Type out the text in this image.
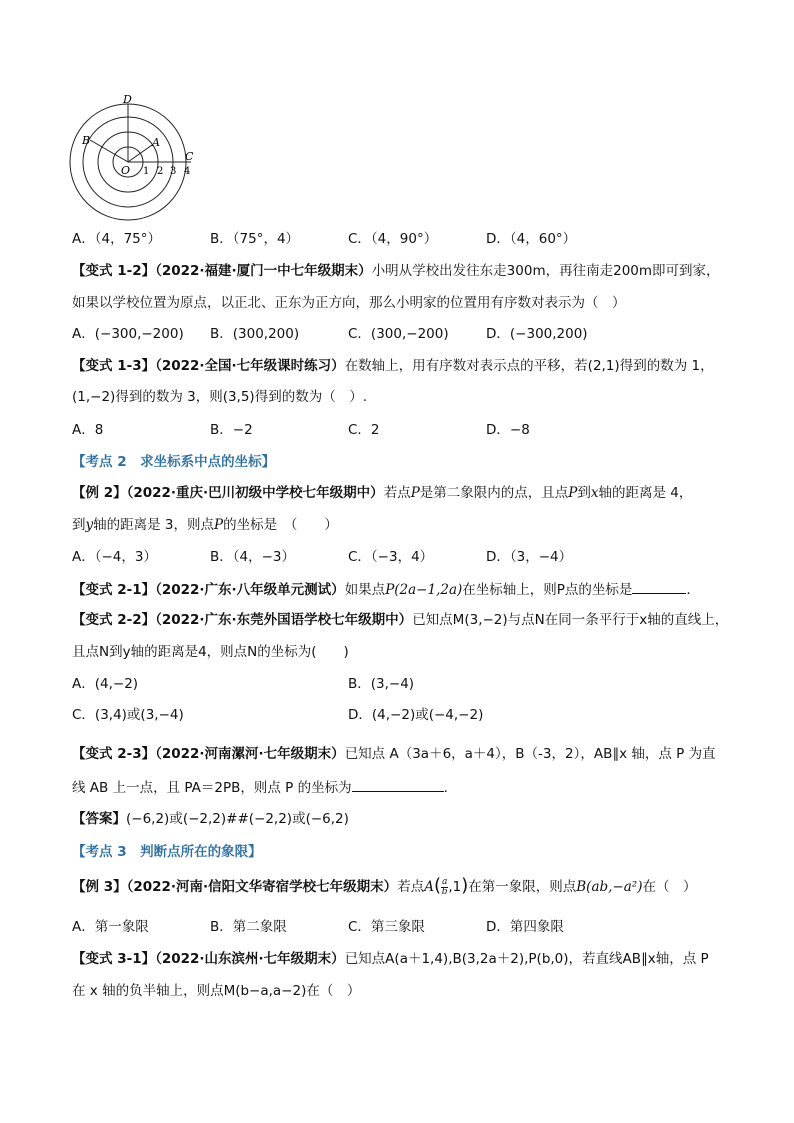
D
B	A
C
O 1 2 3 4
A．（4，75°）	B．（75°，4）	C．（4，90°）	D．（4，60°）
【变式 1-2】（2022·福建·厦门一中七年级期末）小明从学校出发往东走300m，再往南走200m即可到家，
如果以学校位置为原点，以正北、正东为正方向，那么小明家的位置用有序数对表示为（　）
A．(−300,−200) B．(300,200)	C．(300,−200)	D．(−300,200)
【变式 1-3】（2022·全国·七年级课时练习）在数轴上，用有序数对表示点的平移，若(2,1)得到的数为 1，
(1,−2)得到的数为 3，则(3,5)得到的数为（　）.
A．8	B．−2	C．2	D．−8
【考点 2　求坐标系中点的坐标】
【例 2】（2022·重庆·巴川初级中学校七年级期中）若点P是第二象限内的点，且点P到x轴的距离是 4，
到y轴的距离是 3，则点P的坐标是　（　　）
A．（−4，3）	B．（4，−3）	C．（−3，4）	D．（3，−4）
【变式 2-1】（2022·广东·八年级单元测试）如果点P(2a−1,2a)在坐标轴上，则P点的坐标是	.
【变式 2-2】（2022·广东·东莞外国语学校七年级期中）已知点M(3,−2)与点N在同一条平行于x轴的直线上，
且点N到y轴的距离是4，则点N的坐标为(　　)
A．(4,−2)	B．(3,−4)
C．(3,4)或(3,−4)	D．(4,−2)或(−4,−2)
【变式 2-3】（2022·河南漯河·七年级期末）已知点 A（3a＋6，a＋4），B（-3，2），AB∥x 轴，点 P 为直
线 AB 上一点，且 PA＝2PB，则点 P 的坐标为	.
【答案】(−6,2)或(−2,2)##(−2,2)或(−6,2)
【考点 3　判断点所在的象限】
【例 3】（2022·河南·信阳文华寄宿学校七年级期末）若点$A( \frac{a}{b} ,1)$在第一象限，则点B(ab,−a²)在（　）
A．第一象限	B．第二象限	C．第三象限	D．第四象限
【变式 3-1】（2022·山东滨州·七年级期末）已知点A(a＋1,4),B(3,2a＋2),P(b,0)，若直线AB∥x轴，点 P
在 x 轴的负半轴上，则点M(b−a,a−2)在（　）
